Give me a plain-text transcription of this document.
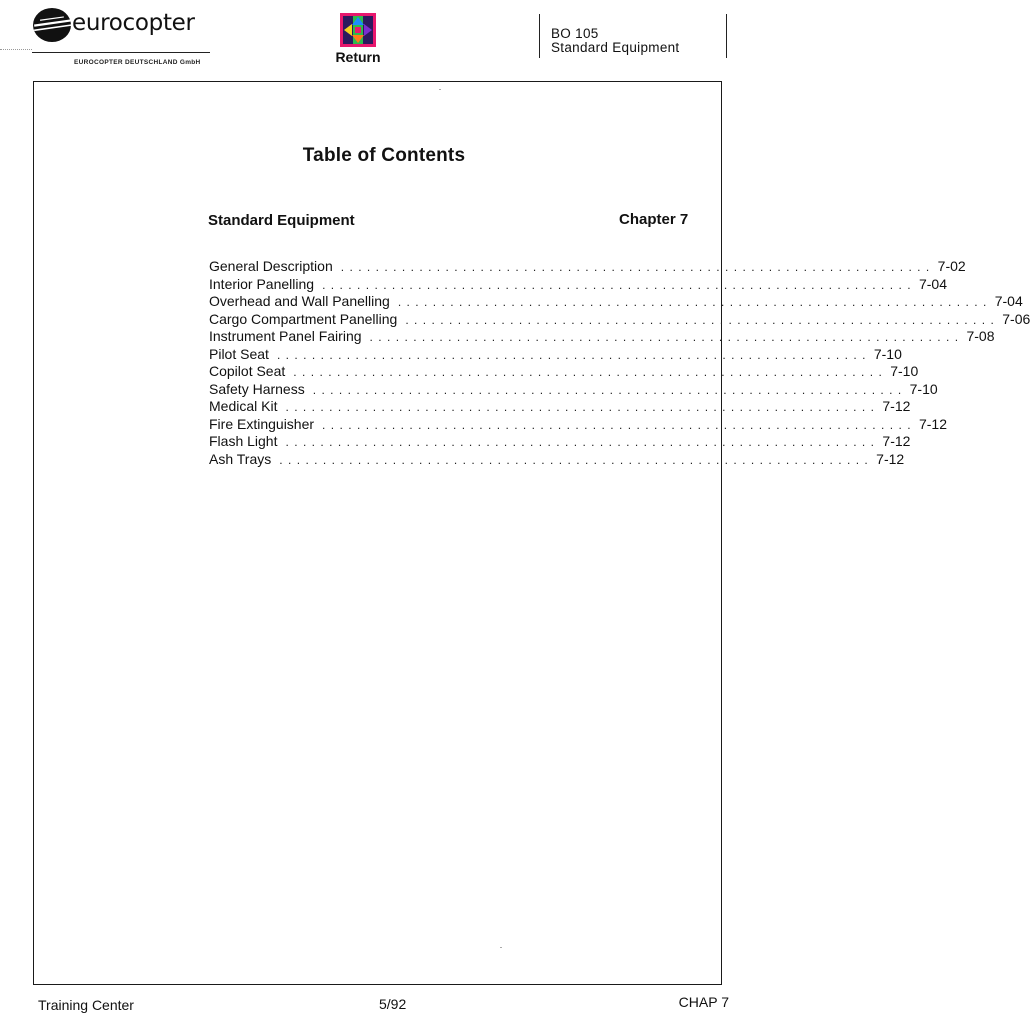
eurocopter
EUROCOPTER DEUTSCHLAND GmbH	Return
BO 105
Standard Equipment
Table of Contents
Standard Equipment	Chapter 7
General Description .................................................................... 7-02
Interior Panelling .................................................................... 7-04
Overhead and Wall Panelling .................................................................... 7-04
Cargo Compartment Panelling .................................................................... 7-06
Instrument Panel Fairing .................................................................... 7-08
Pilot Seat .................................................................... 7-10
Copilot Seat .................................................................... 7-10
Safety Harness .................................................................... 7-10
Medical Kit .................................................................... 7-12
Fire Extinguisher .................................................................... 7-12
Flash Light .................................................................... 7-12
Ash Trays .................................................................... 7-12
Training Center	5/92	CHAP 7
